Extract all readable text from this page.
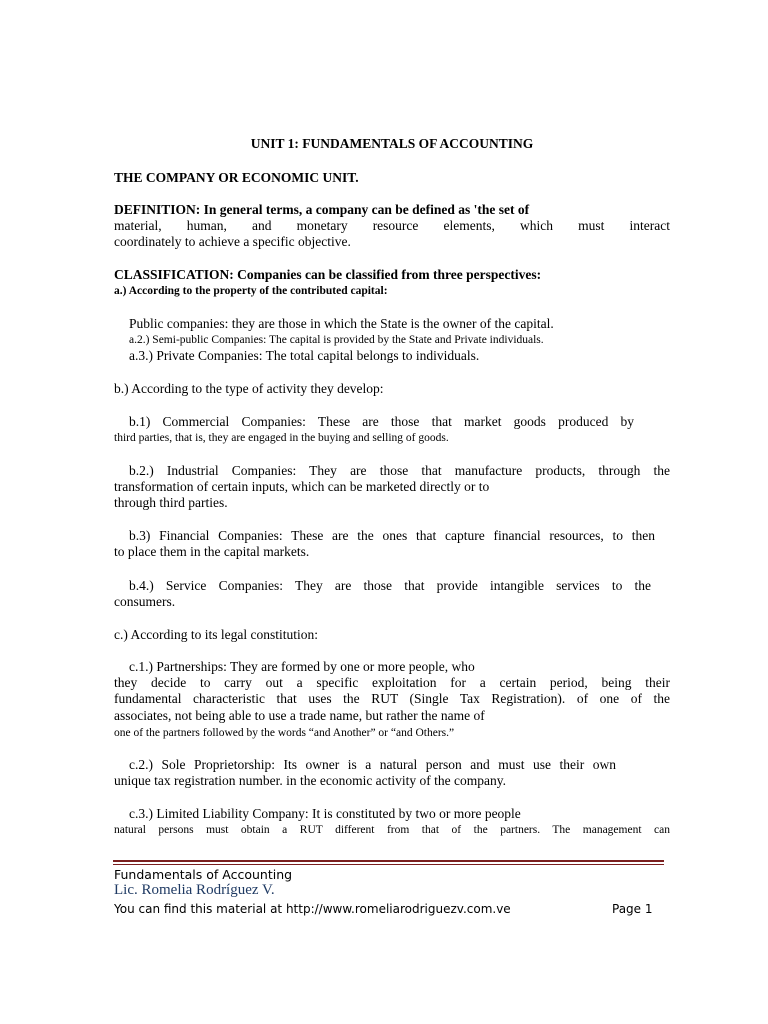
UNIT 1: FUNDAMENTALS OF ACCOUNTING
THE COMPANY OR ECONOMIC UNIT.
DEFINITION: In general terms, a company can be defined as 'the set of
material, human, and monetary resource elements, which must interact
coordinately to achieve a specific objective.
CLASSIFICATION: Companies can be classified from three perspectives:
a.) According to the property of the contributed capital:
Public companies: they are those in which the State is the owner of the capital.
a.2.) Semi-public Companies: The capital is provided by the State and Private individuals.
a.3.) Private Companies: The total capital belongs to individuals.
b.) According to the type of activity they develop:
b.1) Commercial Companies: These are those that market goods produced by
third parties, that is, they are engaged in the buying and selling of goods.
b.2.) Industrial Companies: They are those that manufacture products, through the
transformation of certain inputs, which can be marketed directly or to
through third parties.
b.3) Financial Companies: These are the ones that capture financial resources, to then
to place them in the capital markets.
b.4.) Service Companies: They are those that provide intangible services to the
consumers.
c.) According to its legal constitution:
c.1.) Partnerships: They are formed by one or more people, who
they decide to carry out a specific exploitation for a certain period, being their
fundamental characteristic that uses the RUT (Single Tax Registration). of one of the
associates, not being able to use a trade name, but rather the name of
one of the partners followed by the words “and Another” or “and Others.”
c.2.) Sole Proprietorship: Its owner is a natural person and must use their own
unique tax registration number. in the economic activity of the company.
c.3.) Limited Liability Company: It is constituted by two or more people
natural persons must obtain a RUT different from that of the partners. The management can
Fundamentals of Accounting
Lic. Romelia Rodríguez V.
You can find this material at http://www.romeliarodriguezv.com.ve	Page 1
